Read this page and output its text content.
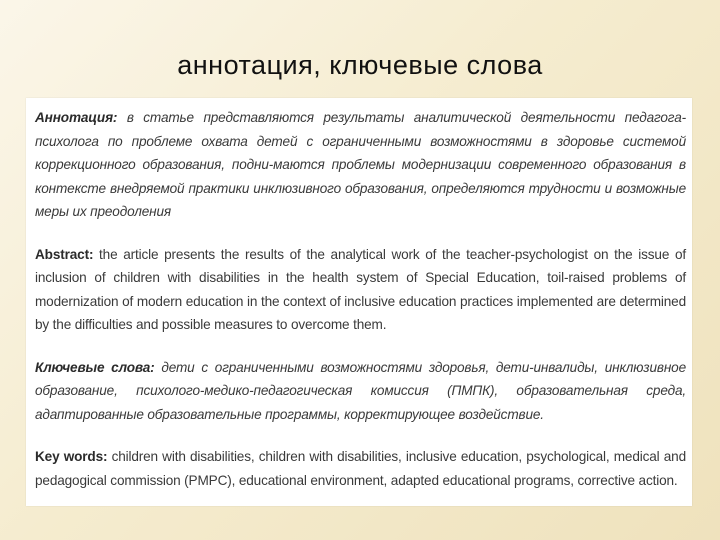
аннотация, ключевые слова

Аннотация: в статье представляются результаты аналитической деятельности педагога-психолога по проблеме охвата детей с ограниченными возможностями в здоровье системой коррекционного образования, подни-маются проблемы модернизации современного образования в контексте внедряемой практики инклюзивного образования, определяются трудности и возможные меры их преодоления

Abstract: the article presents the results of the analytical work of the teacher-psychologist on the issue of inclusion of children with disabilities in the health system of Special Education, toil-raised problems of modernization of modern education in the context of inclusive education practices implemented are determined by the difficulties and possible measures to overcome them.

Ключевые слова: дети с ограниченными возможностями здоровья, дети-инвалиды, инклюзивное образование, психолого-медико-педагогическая комиссия (ПМПК), образовательная среда, адаптированные образовательные программы, корректирующее воздействие.

Key words: children with disabilities, children with disabilities, inclusive education, psychological, medical and pedagogical commission (PMPC), educational environment, adapted educational programs, corrective action.
